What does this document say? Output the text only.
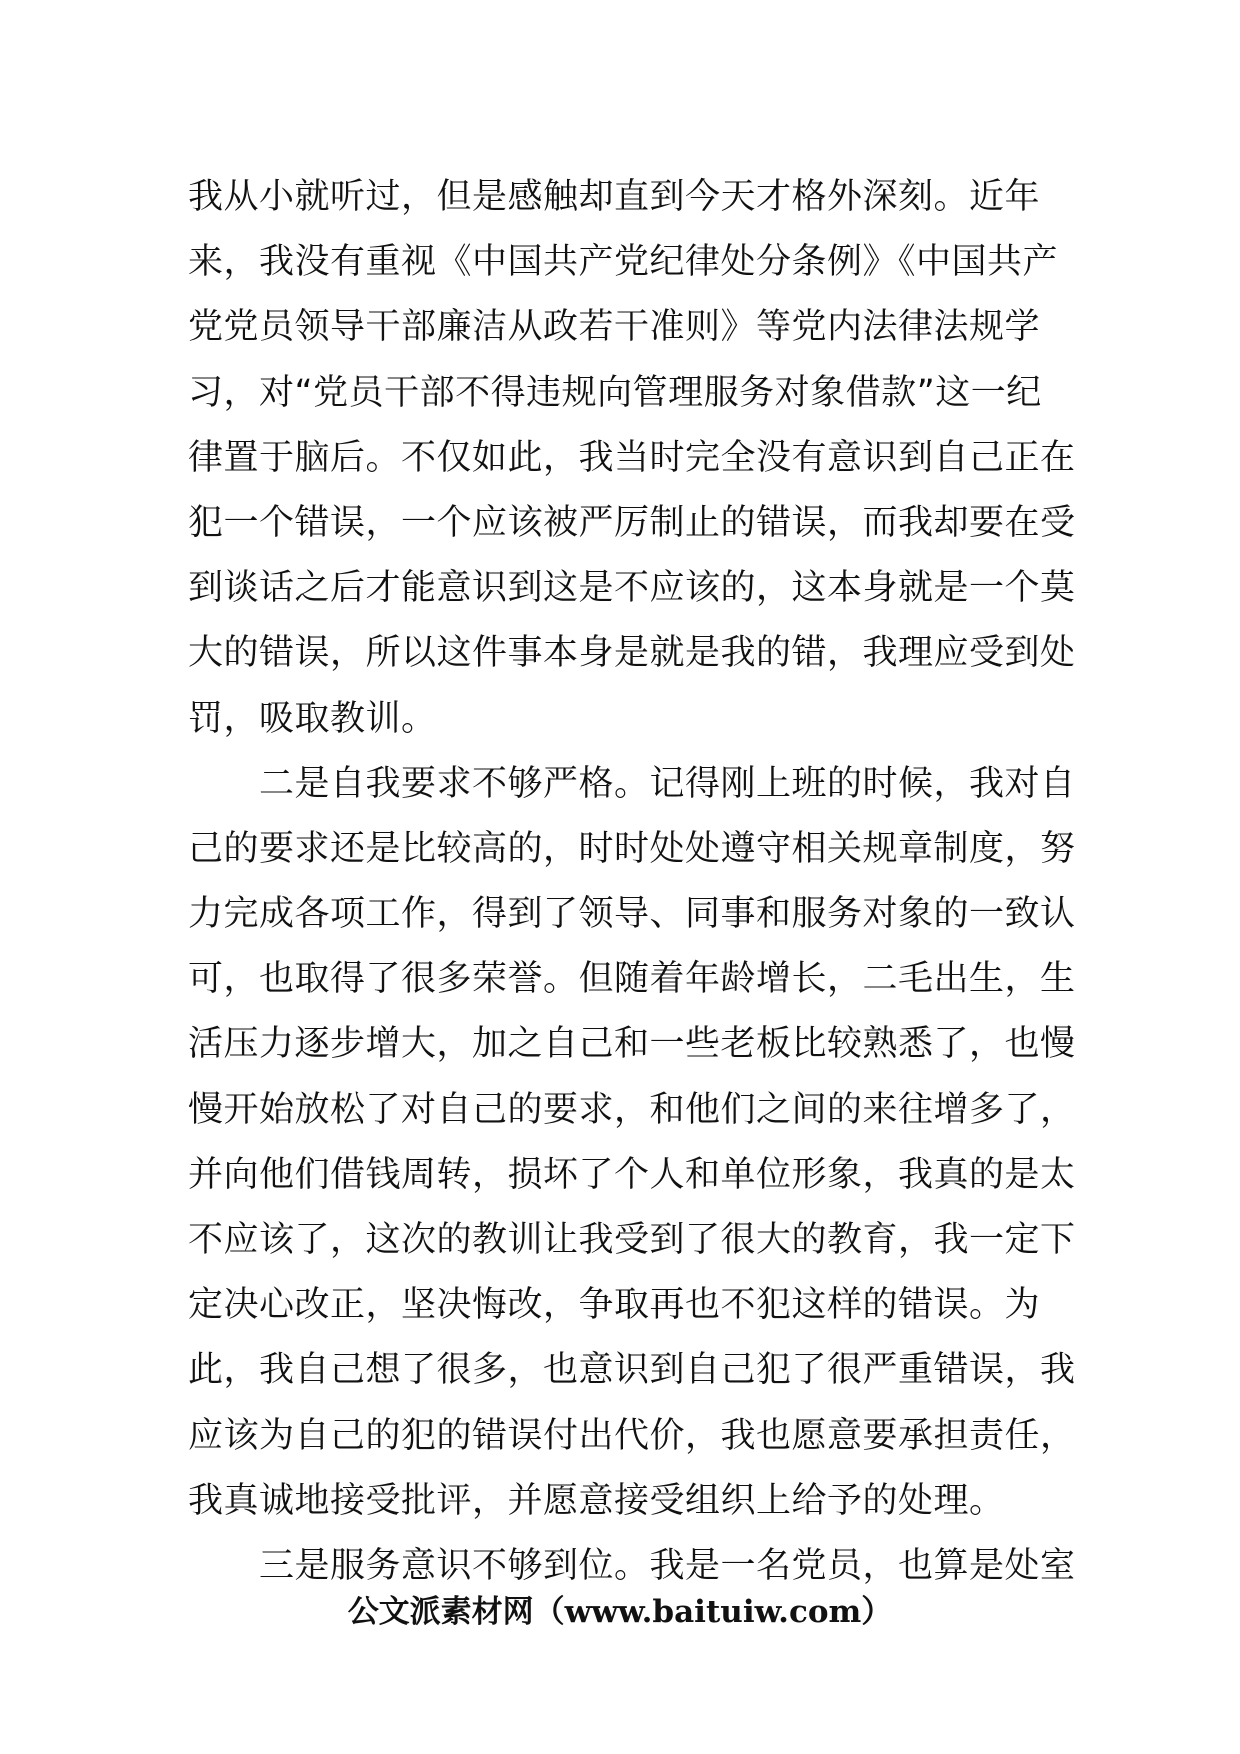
我从小就听过，但是感触却直到今天才格外深刻。近年
来，我没有重视《中国共产党纪律处分条例》《中国共产
党党员领导干部廉洁从政若干准则》等党内法律法规学
习，对“党员干部不得违规向管理服务对象借款”这一纪
律置于脑后。不仅如此，我当时完全没有意识到自己正在
犯一个错误，一个应该被严厉制止的错误，而我却要在受
到谈话之后才能意识到这是不应该的，这本身就是一个莫
大的错误，所以这件事本身是就是我的错，我理应受到处
罚，吸取教训。
　　二是自我要求不够严格。记得刚上班的时候，我对自
己的要求还是比较高的，时时处处遵守相关规章制度，努
力完成各项工作，得到了领导、同事和服务对象的一致认
可，也取得了很多荣誉。但随着年龄增长，二毛出生，生
活压力逐步增大，加之自己和一些老板比较熟悉了，也慢
慢开始放松了对自己的要求，和他们之间的来往增多了，
并向他们借钱周转，损坏了个人和单位形象，我真的是太
不应该了，这次的教训让我受到了很大的教育，我一定下
定决心改正，坚决悔改，争取再也不犯这样的错误。为
此，我自己想了很多，也意识到自己犯了很严重错误，我
应该为自己的犯的错误付出代价，我也愿意要承担责任，
我真诚地接受批评，并愿意接受组织上给予的处理。
　　三是服务意识不够到位。我是一名党员，也算是处室
公文派素材网（www.baituiw.com）
